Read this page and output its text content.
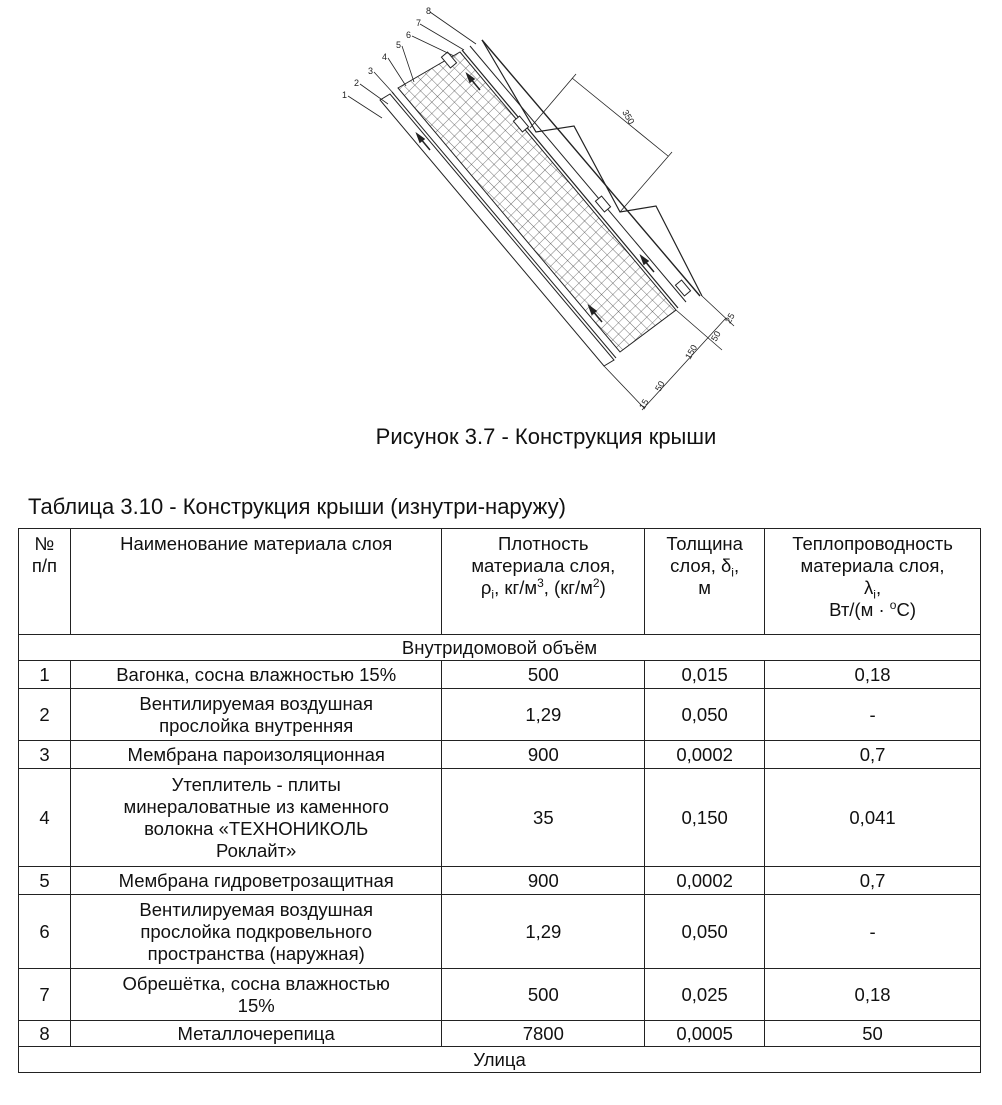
350
15
50
150
50
25
1
2
3
4
5
6
7
8
Рисунок 3.7 - Конструкция крыши
Таблица 3.10 - Конструкция крыши (изнутри-наружу)
№
п/п	Наименование материала слоя	Плотность
материала слоя,
$\rho_i$, $кг/м^3$, $(кг/м^2)$	Толщина
слоя, $\delta_i$,
м	Теплопроводность
материала слоя,
$\lambda_i$,
Вт/(м · $^o$С)
Внутридомовой объём				
1	Вагонка, сосна влажностью 15%	500	0,015	0,18
2	Вентилируемая воздушная
прослойка внутренняя	1,29	0,050	-
3	Мембрана пароизоляционная	900	0,0002	0,7
4	Утеплитель - плиты
минераловатные из каменного
волокна «ТЕХНОНИКОЛЬ
Роклайт»	35	0,150	0,041
5	Мембрана гидроветрозащитная	900	0,0002	0,7
6	Вентилируемая воздушная
прослойка подкровельного
пространства (наружная)	1,29	0,050	-
7	Обрешётка, сосна влажностью
15%	500	0,025	0,18
8	Металлочерепица	7800	0,0005	50
Улица				
